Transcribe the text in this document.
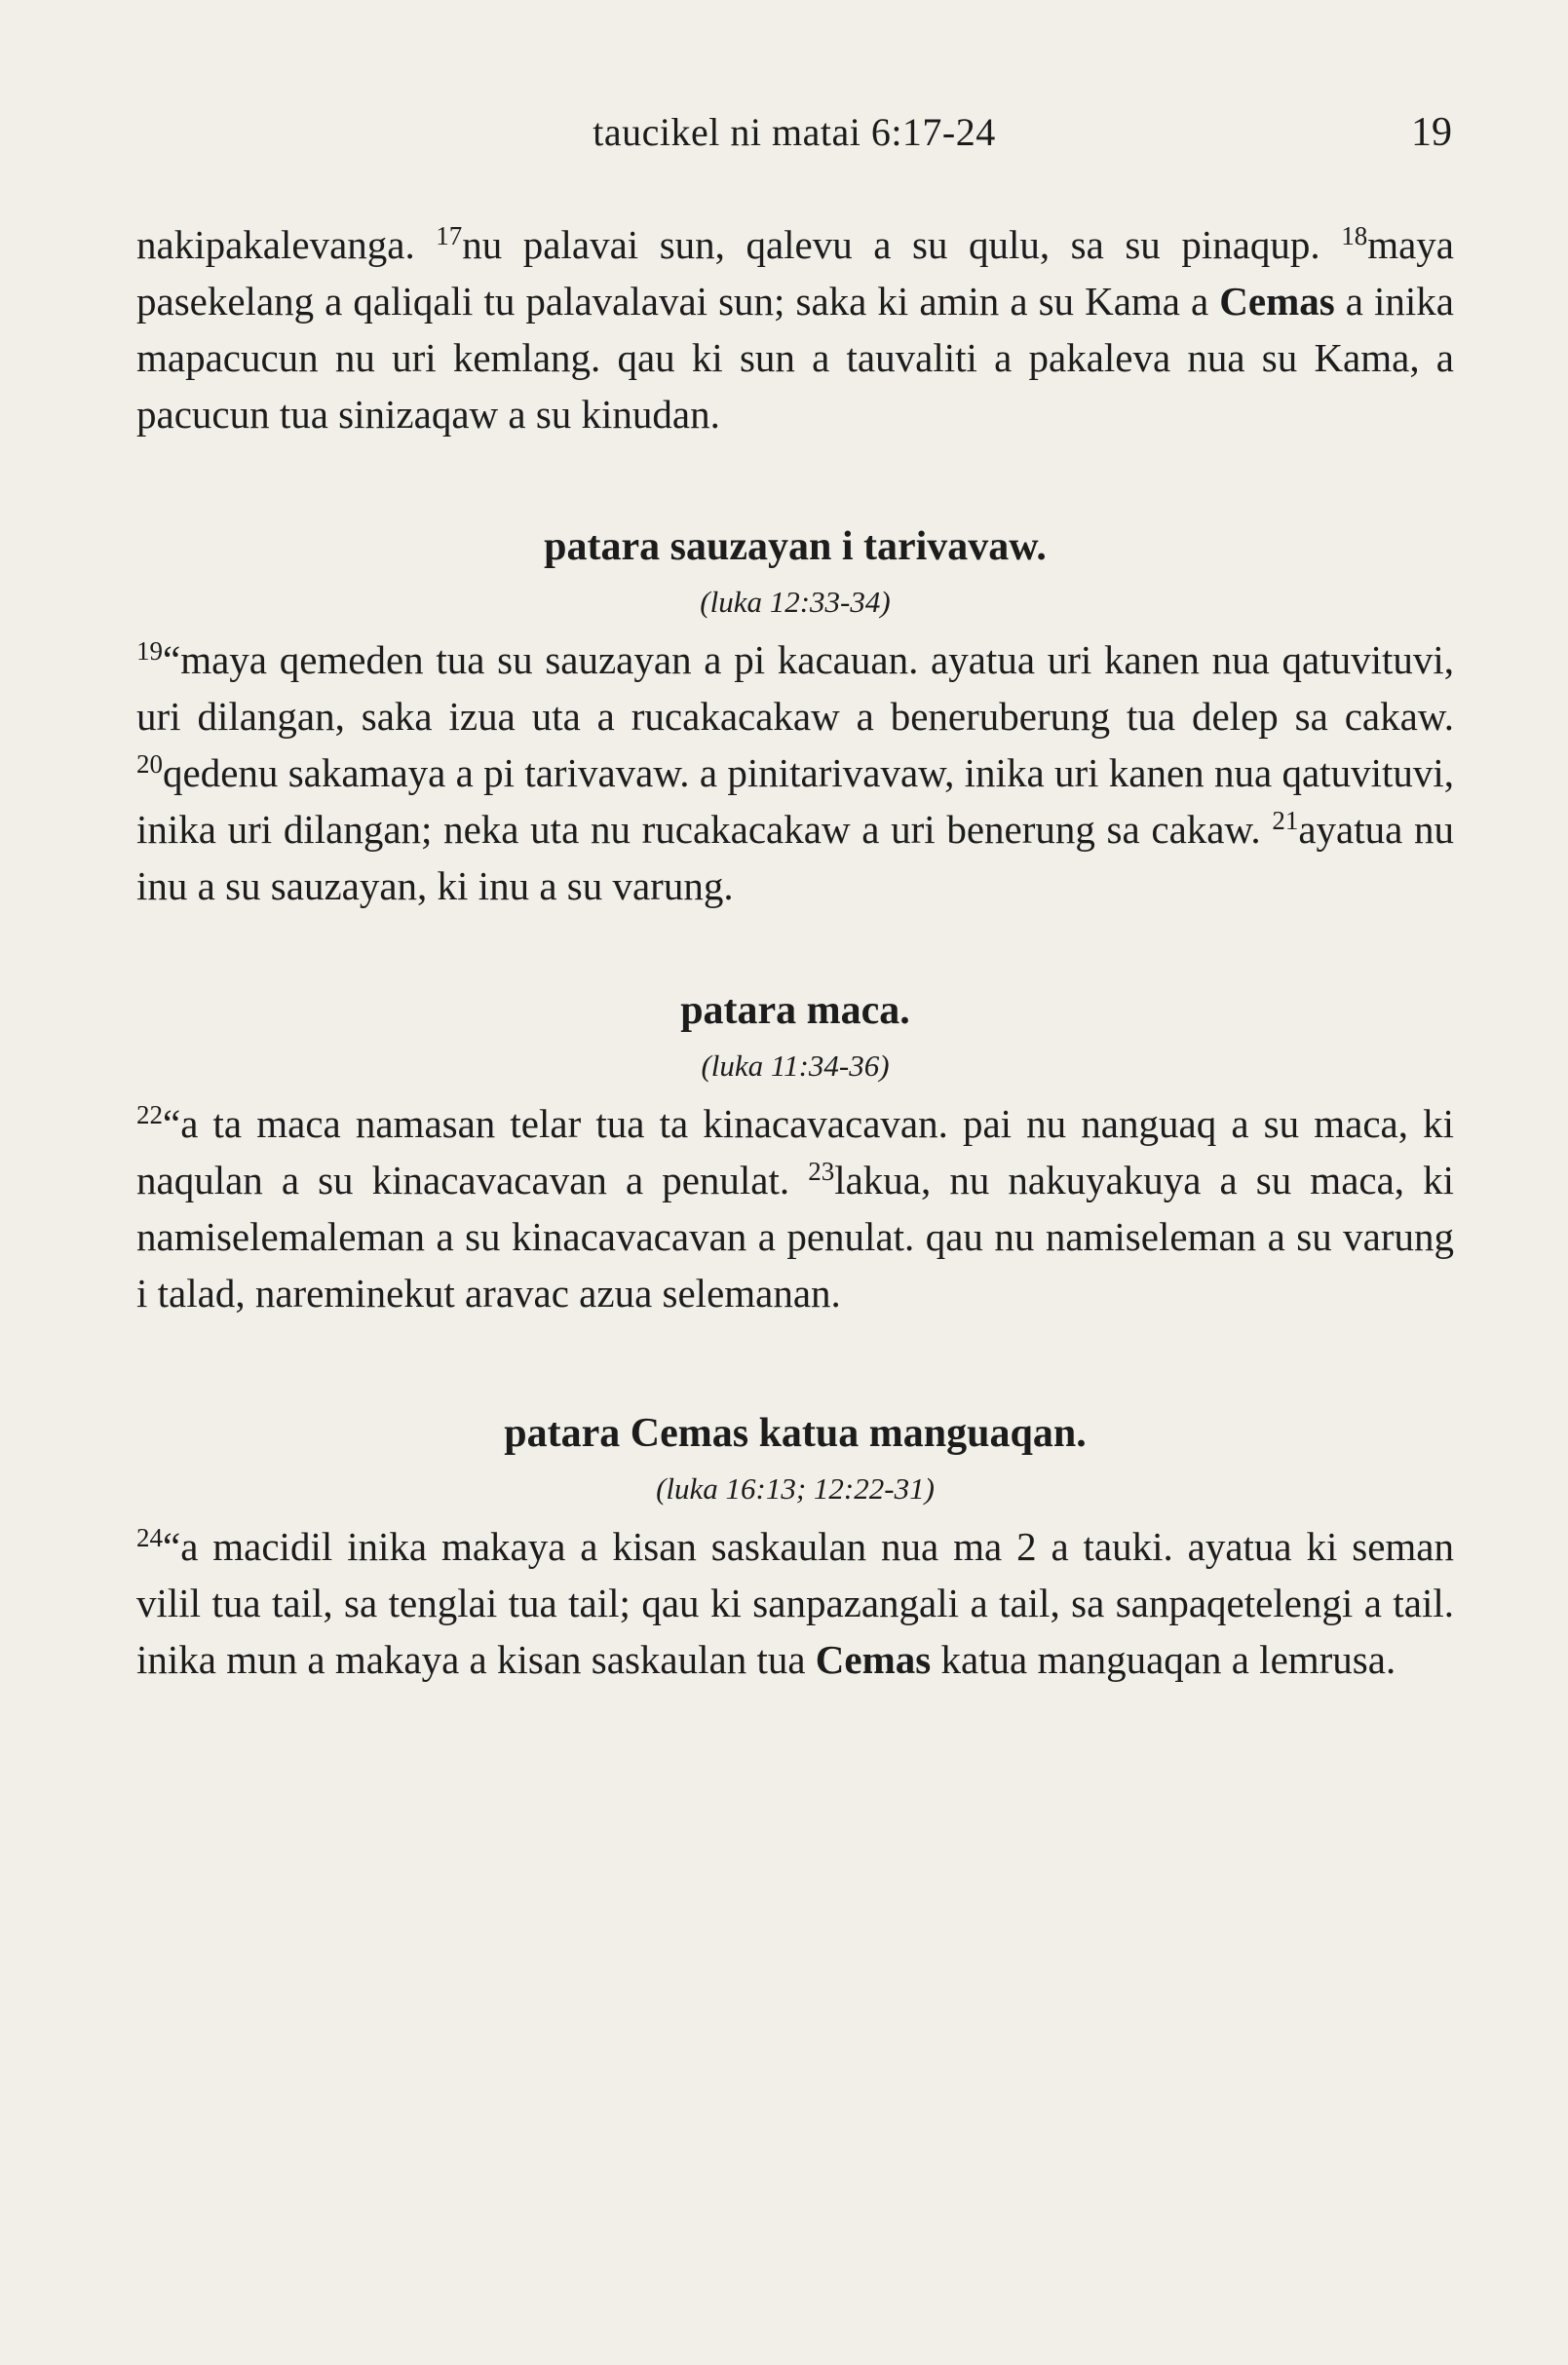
taucikel ni matai 6:17-24	19

nakipakalevanga. $^{17}$nu palavai sun, qalevu a su qulu, sa su pinaqup. $^{18}$maya pasekelang a qaliqali tu palavalavai sun; saka ki amin a su Kama a Cemas a inika mapacucun nu uri kemlang. qau ki sun a tauvaliti a pakaleva nua su Kama, a pacucun tua sinizaqaw a su kinudan.

patara sauzayan i tarivavaw.
(luka 12:33-34)

$^{19}$“maya qemeden tua su sauzayan a pi kacauan. ayatua uri kanen nua qatuvituvi, uri dilangan, saka izua uta a rucakacakaw a beneruberung tua delep sa cakaw. $^{20}$qedenu sakamaya a pi tarivavaw. a pinitarivavaw, inika uri kanen nua qatuvituvi, inika uri dilangan; neka uta nu rucakacakaw a uri benerung sa cakaw. $^{21}$ayatua nu inu a su sauzayan, ki inu a su varung.

patara maca.
(luka 11:34-36)

$^{22}$“a ta maca namasan telar tua ta kinacavacavan. pai nu nanguaq a su maca, ki naqulan a su kinacavacavan a penulat. $^{23}$lakua, nu nakuyakuya a su maca, ki namiselemaleman a su kinacavacavan a penulat. qau nu namiseleman a su varung i talad, nareminekut aravac azua selemanan.

patara Cemas katua manguaqan.
(luka 16:13; 12:22-31)

$^{24}$“a macidil inika makaya a kisan saskaulan nua ma 2 a tauki. ayatua ki seman vilil tua tail, sa tenglai tua tail; qau ki sanpazangali a tail, sa sanpaqetelengi a tail. inika mun a makaya a kisan saskaulan tua Cemas katua manguaqan a lemrusa.
